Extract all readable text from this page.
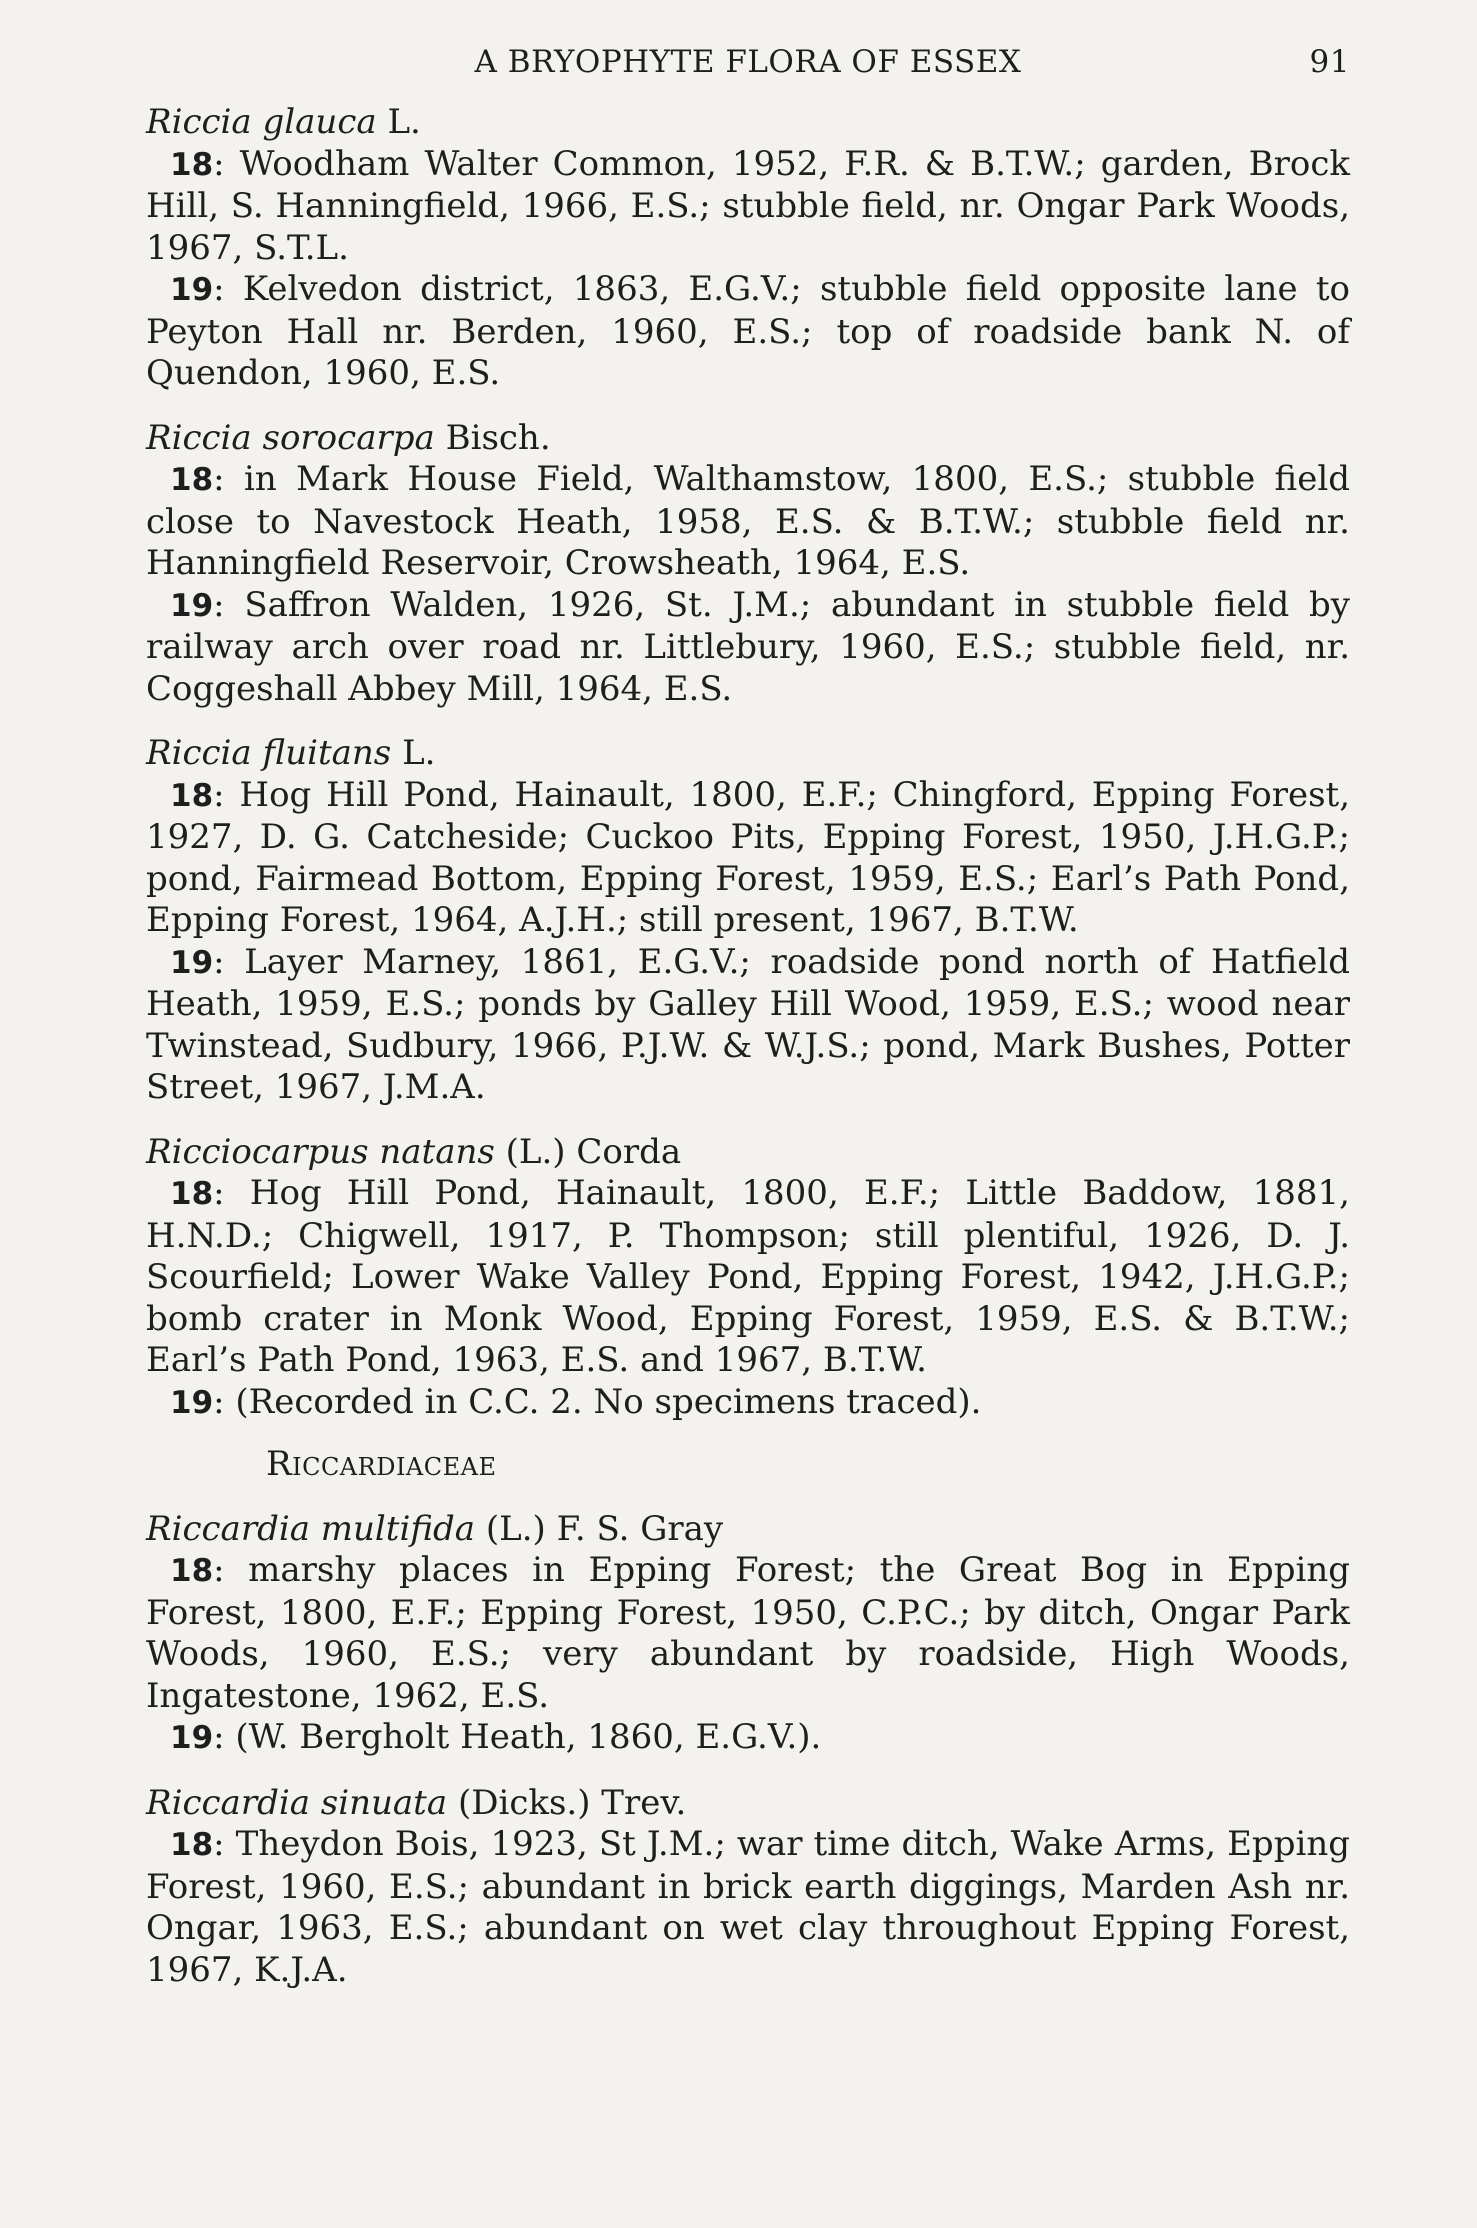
A BRYOPHYTE FLORA OF ESSEX	91
Riccia glauca L.
18: Woodham Walter Common, 1952, F.R. & B.T.W.; garden, Brock Hill, S. Hanningfield, 1966, E.S.; stubble field, nr. Ongar Park Woods, 1967, S.T.L.
19: Kelvedon district, 1863, E.G.V.; stubble field opposite lane to Peyton Hall nr. Berden, 1960, E.S.; top of roadside bank N. of Quendon, 1960, E.S.
Riccia sorocarpa Bisch.
18: in Mark House Field, Walthamstow, 1800, E.S.; stubble field close to Navestock Heath, 1958, E.S. & B.T.W.; stubble field nr. Hanningfield Reservoir, Crowsheath, 1964, E.S.
19: Saffron Walden, 1926, St. J.M.; abundant in stubble field by railway arch over road nr. Littlebury, 1960, E.S.; stubble field, nr. Coggeshall Abbey Mill, 1964, E.S.
Riccia fluitans L.
18: Hog Hill Pond, Hainault, 1800, E.F.; Chingford, Epping Forest, 1927, D. G. Catcheside; Cuckoo Pits, Epping Forest, 1950, J.H.G.P.; pond, Fairmead Bottom, Epping Forest, 1959, E.S.; Earl’s Path Pond, Epping Forest, 1964, A.J.H.; still present, 1967, B.T.W.
19: Layer Marney, 1861, E.G.V.; roadside pond north of Hatfield Heath, 1959, E.S.; ponds by Galley Hill Wood, 1959, E.S.; wood near Twinstead, Sudbury, 1966, P.J.W. & W.J.S.; pond, Mark Bushes, Potter Street, 1967, J.M.A.
Ricciocarpus natans (L.) Corda
18: Hog Hill Pond, Hainault, 1800, E.F.; Little Baddow, 1881, H.N.D.; Chigwell, 1917, P. Thompson; still plentiful, 1926, D. J. Scourfield; Lower Wake Valley Pond, Epping Forest, 1942, J.H.G.P.; bomb crater in Monk Wood, Epping Forest, 1959, E.S. & B.T.W.; Earl’s Path Pond, 1963, E.S. and 1967, B.T.W.
19: (Recorded in C.C. 2. No specimens traced).
Riccardiaceae
Riccardia multifida (L.) F. S. Gray
18: marshy places in Epping Forest; the Great Bog in Epping Forest, 1800, E.F.; Epping Forest, 1950, C.P.C.; by ditch, Ongar Park Woods, 1960, E.S.; very abundant by roadside, High Woods, Ingatestone, 1962, E.S.
19: (W. Bergholt Heath, 1860, E.G.V.).
Riccardia sinuata (Dicks.) Trev.
18: Theydon Bois, 1923, St J.M.; war time ditch, Wake Arms, Epping Forest, 1960, E.S.; abundant in brick earth diggings, Marden Ash nr. Ongar, 1963, E.S.; abundant on wet clay throughout Epping Forest, 1967, K.J.A.
